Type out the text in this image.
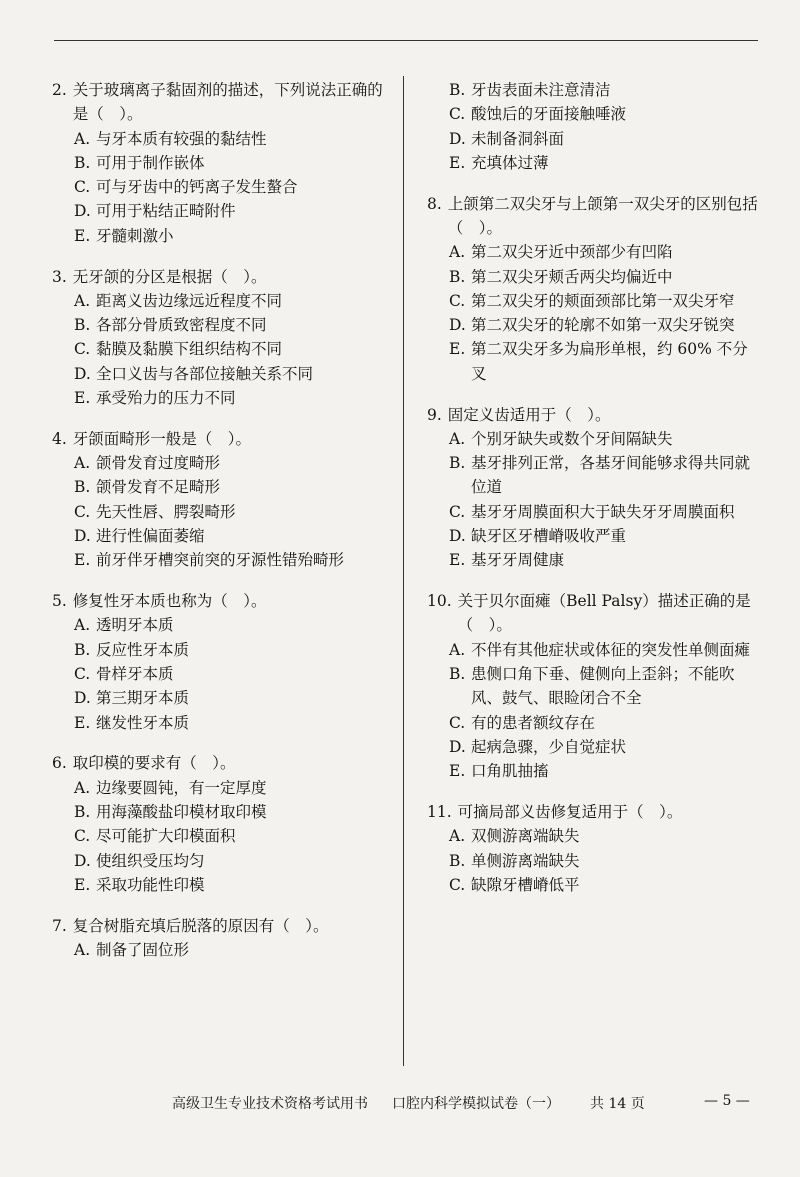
2. 关于玻璃离子黏固剂的描述，下列说法正确的是（　）。
A. 与牙本质有较强的黏结性
B. 可用于制作嵌体
C. 可与牙齿中的钙离子发生螯合
D. 可用于粘结正畸附件
E. 牙髓刺激小
3. 无牙颌的分区是根据（　）。
A. 距离义齿边缘远近程度不同
B. 各部分骨质致密程度不同
C. 黏膜及黏膜下组织结构不同
D. 全口义齿与各部位接触关系不同
E. 承受殆力的压力不同
4. 牙颌面畸形一般是（　）。
A. 颌骨发育过度畸形
B. 颌骨发育不足畸形
C. 先天性唇、腭裂畸形
D. 进行性偏面萎缩
E. 前牙伴牙槽突前突的牙源性错殆畸形
5. 修复性牙本质也称为（　）。
A. 透明牙本质
B. 反应性牙本质
C. 骨样牙本质
D. 第三期牙本质
E. 继发性牙本质
6. 取印模的要求有（　）。
A. 边缘要圆钝，有一定厚度
B. 用海藻酸盐印模材取印模
C. 尽可能扩大印模面积
D. 使组织受压均匀
E. 采取功能性印模
7. 复合树脂充填后脱落的原因有（　）。
A. 制备了固位形
B. 牙齿表面未注意清洁
C. 酸蚀后的牙面接触唾液
D. 未制备洞斜面
E. 充填体过薄
8. 上颌第二双尖牙与上颌第一双尖牙的区别包括（　）。
A. 第二双尖牙近中颈部少有凹陷
B. 第二双尖牙颊舌两尖均偏近中
C. 第二双尖牙的颊面颈部比第一双尖牙窄
D. 第二双尖牙的轮廓不如第一双尖牙锐突
E. 第二双尖牙多为扁形单根，约 60% 不分叉
9. 固定义齿适用于（　）。
A. 个别牙缺失或数个牙间隔缺失
B. 基牙排列正常，各基牙间能够求得共同就位道
C. 基牙牙周膜面积大于缺失牙牙周膜面积
D. 缺牙区牙槽嵴吸收严重
E. 基牙牙周健康
10. 关于贝尔面瘫（Bell Palsy）描述正确的是（　）。
A. 不伴有其他症状或体征的突发性单侧面瘫
B. 患侧口角下垂、健侧向上歪斜；不能吹风、鼓气、眼睑闭合不全
C. 有的患者额纹存在
D. 起病急骤，少自觉症状
E. 口角肌抽搐
11. 可摘局部义齿修复适用于（　）。
A. 双侧游离端缺失
B. 单侧游离端缺失
C. 缺隙牙槽嵴低平
高级卫生专业技术资格考试用书 口腔内科学模拟试卷（一） 共 14 页	— 5 —
